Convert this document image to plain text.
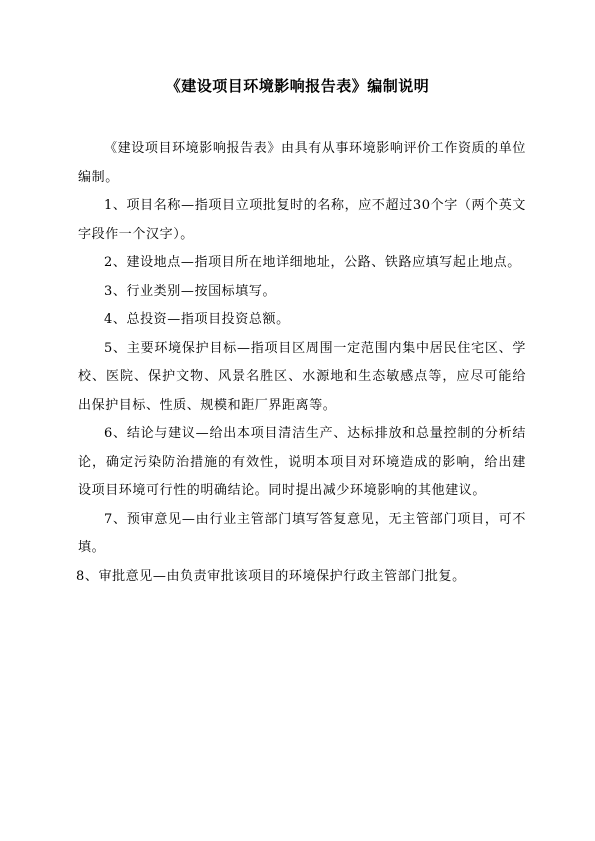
《建设项目环境影响报告表》编制说明

《建设项目环境影响报告表》由具有从事环境影响评价工作资质的单位编制。

1、项目名称—指项目立项批复时的名称，应不超过30个字（两个英文字段作一个汉字）。

2、建设地点—指项目所在地详细地址，公路、铁路应填写起止地点。

3、行业类别—按国标填写。

4、总投资—指项目投资总额。

5、主要环境保护目标—指项目区周围一定范围内集中居民住宅区、学校、医院、保护文物、风景名胜区、水源地和生态敏感点等，应尽可能给出保护目标、性质、规模和距厂界距离等。

6、结论与建议—给出本项目清洁生产、达标排放和总量控制的分析结论，确定污染防治措施的有效性，说明本项目对环境造成的影响，给出建设项目环境可行性的明确结论。同时提出减少环境影响的其他建议。

7、预审意见—由行业主管部门填写答复意见，无主管部门项目，可不填。

8、审批意见—由负责审批该项目的环境保护行政主管部门批复。
